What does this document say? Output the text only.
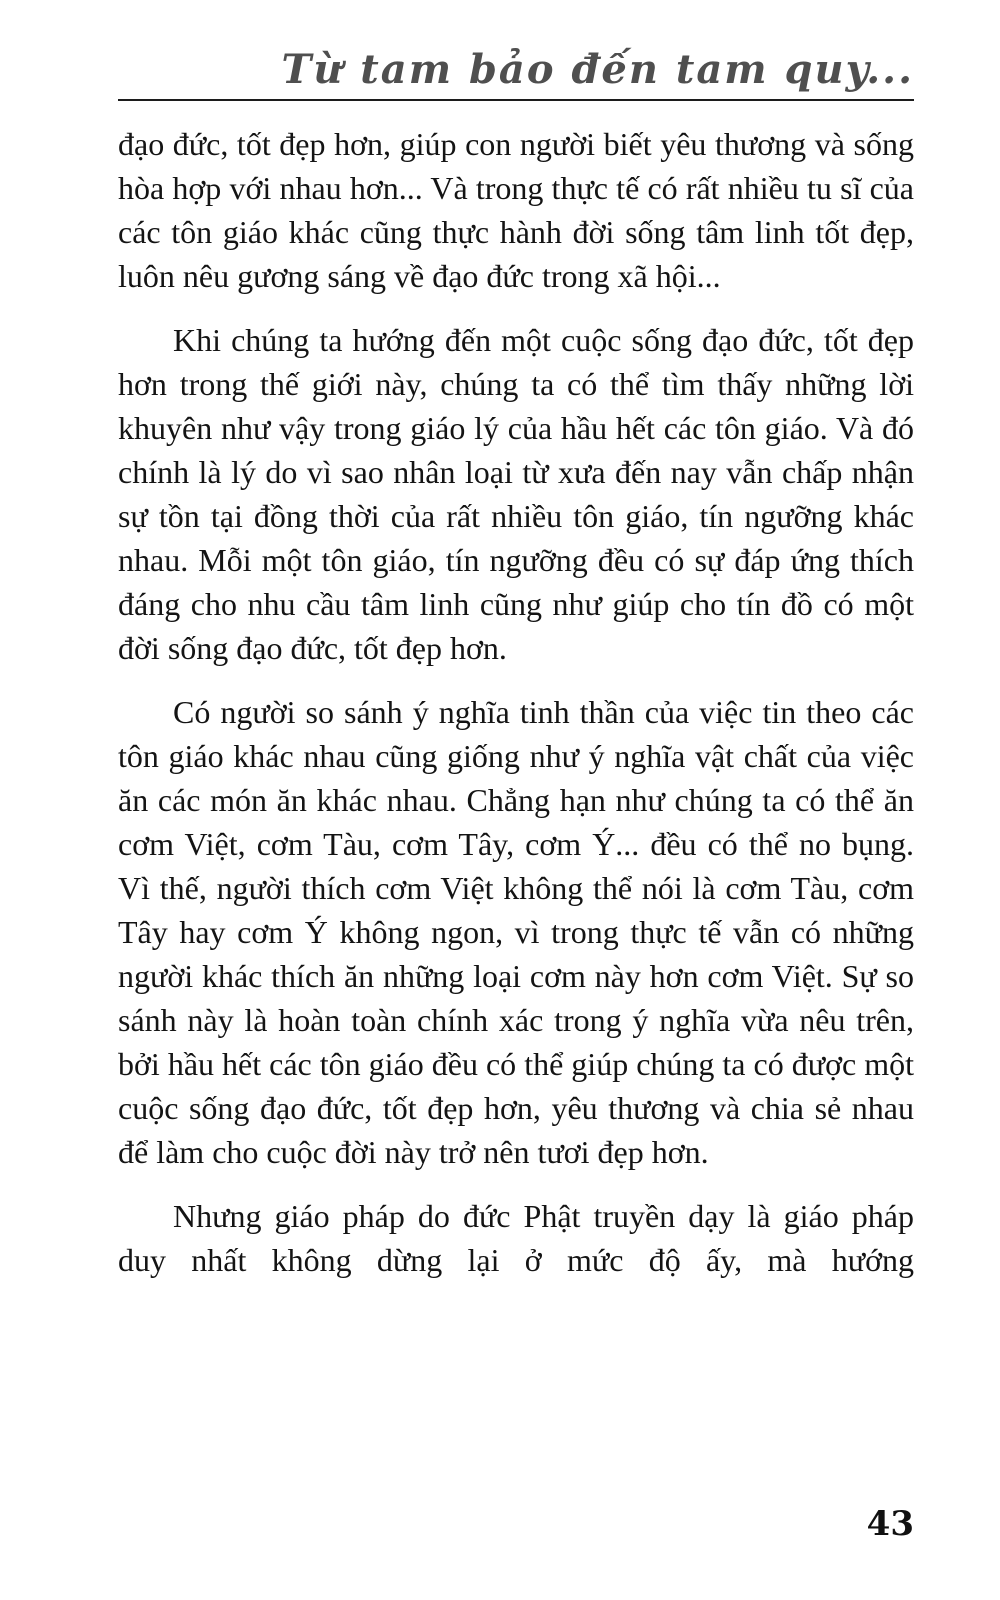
Từ tam bảo đến tam quy...

đạo đức, tốt đẹp hơn, giúp con người biết yêu thương và sống hòa hợp với nhau hơn... Và trong thực tế có rất nhiều tu sĩ của các tôn giáo khác cũng thực hành đời sống tâm linh tốt đẹp, luôn nêu gương sáng về đạo đức trong xã hội...

Khi chúng ta hướng đến một cuộc sống đạo đức, tốt đẹp hơn trong thế giới này, chúng ta có thể tìm thấy những lời khuyên như vậy trong giáo lý của hầu hết các tôn giáo. Và đó chính là lý do vì sao nhân loại từ xưa đến nay vẫn chấp nhận sự tồn tại đồng thời của rất nhiều tôn giáo, tín ngưỡng khác nhau. Mỗi một tôn giáo, tín ngưỡng đều có sự đáp ứng thích đáng cho nhu cầu tâm linh cũng như giúp cho tín đồ có một đời sống đạo đức, tốt đẹp hơn.

Có người so sánh ý nghĩa tinh thần của việc tin theo các tôn giáo khác nhau cũng giống như ý nghĩa vật chất của việc ăn các món ăn khác nhau. Chẳng hạn như chúng ta có thể ăn cơm Việt, cơm Tàu, cơm Tây, cơm Ý... đều có thể no bụng. Vì thế, người thích cơm Việt không thể nói là cơm Tàu, cơm Tây hay cơm Ý không ngon, vì trong thực tế vẫn có những người khác thích ăn những loại cơm này hơn cơm Việt. Sự so sánh này là hoàn toàn chính xác trong ý nghĩa vừa nêu trên, bởi hầu hết các tôn giáo đều có thể giúp chúng ta có được một cuộc sống đạo đức, tốt đẹp hơn, yêu thương và chia sẻ nhau để làm cho cuộc đời này trở nên tươi đẹp hơn.

Nhưng giáo pháp do đức Phật truyền dạy là giáo pháp duy nhất không dừng lại ở mức độ ấy, mà hướng

43
